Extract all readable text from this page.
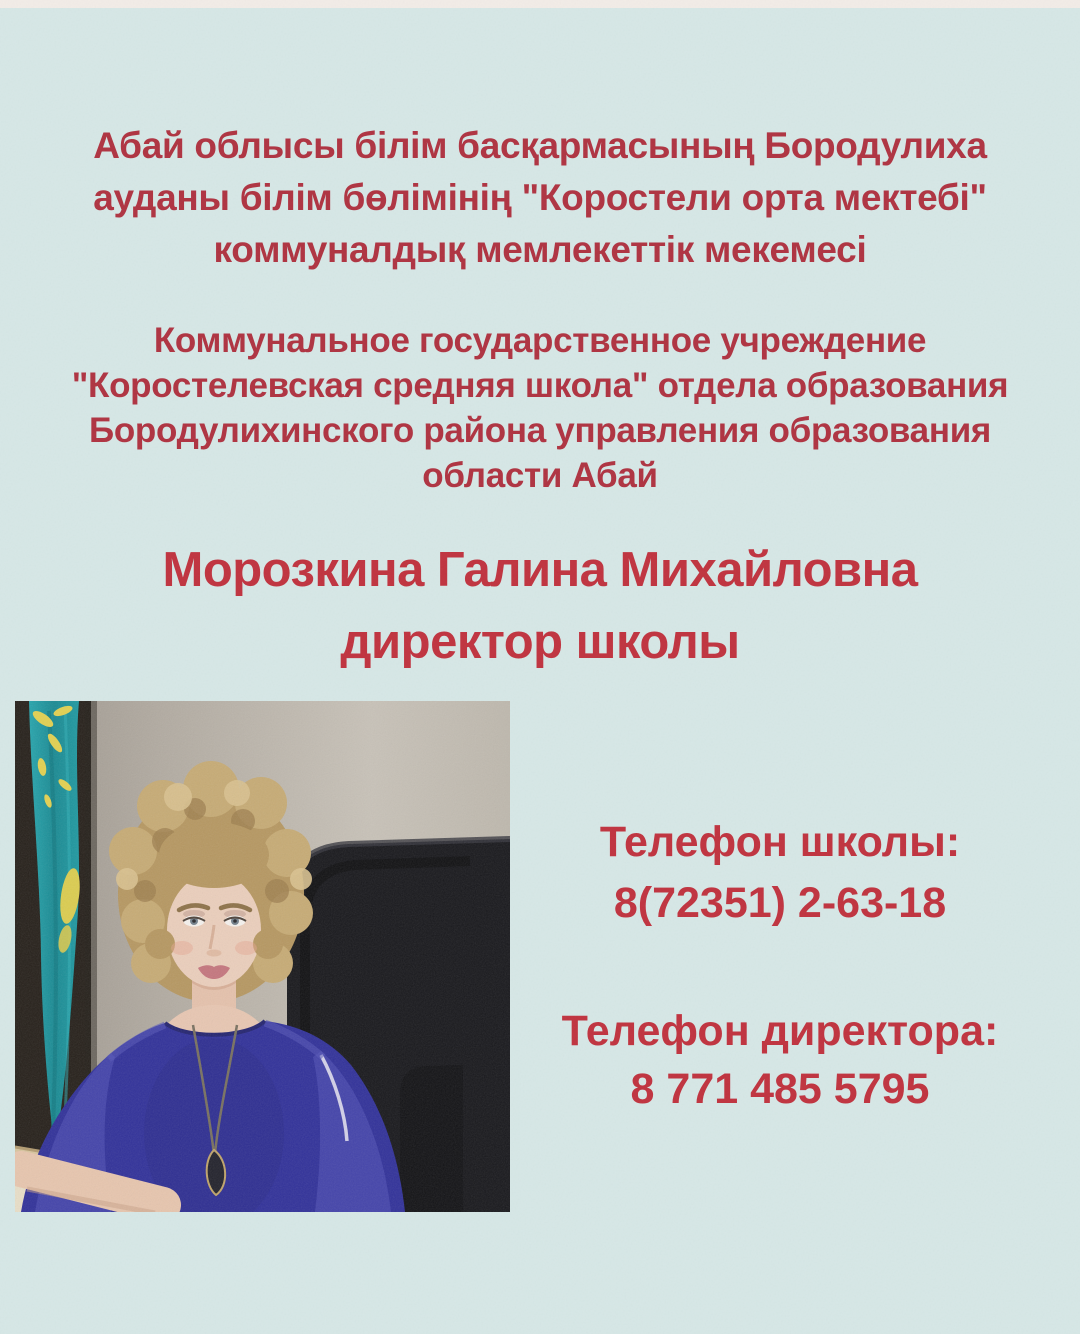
Абай облысы білім басқармасының Бородулиха
ауданы білім бөлімінің "Коростели орта мектебі"
коммуналдық мемлекеттік мекемесі
Коммунальное государственное учреждение
"Коростелевская средняя школа" отдела образования
Бородулихинского района управления образования
области Абай
Морозкина Галина Михайловна
директор школы
Телефон школы:
8(72351) 2-63-18
Телефон директора:
8 771 485 5795
